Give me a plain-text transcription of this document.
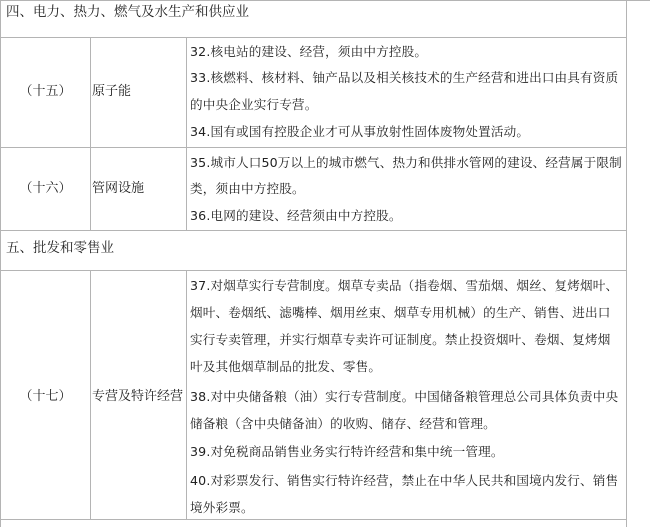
四、电力、热力、燃气及水生产和供应业
（十五）	原子能
32.核电站的建设、经营，须由中方控股。
33.核燃料、核材料、铀产品以及相关核技术的生产经营和进出口由具有资质
的中央企业实行专营。
34.国有或国有控股企业才可从事放射性固体废物处置活动。
（十六）	管网设施
35.城市人口50万以上的城市燃气、热力和供排水管网的建设、经营属于限制
类，须由中方控股。
36.电网的建设、经营须由中方控股。
五、批发和零售业
（十七）	专营及特许经营
37.对烟草实行专营制度。烟草专卖品（指卷烟、雪茄烟、烟丝、复烤烟叶、
烟叶、卷烟纸、滤嘴棒、烟用丝束、烟草专用机械）的生产、销售、进出口
实行专卖管理，并实行烟草专卖许可证制度。禁止投资烟叶、卷烟、复烤烟
叶及其他烟草制品的批发、零售。
38.对中央储备粮（油）实行专营制度。中国储备粮管理总公司具体负责中央
储备粮（含中央储备油）的收购、储存、经营和管理。
39.对免税商品销售业务实行特许经营和集中统一管理。
40.对彩票发行、销售实行特许经营，禁止在中华人民共和国境内发行、销售
境外彩票。
